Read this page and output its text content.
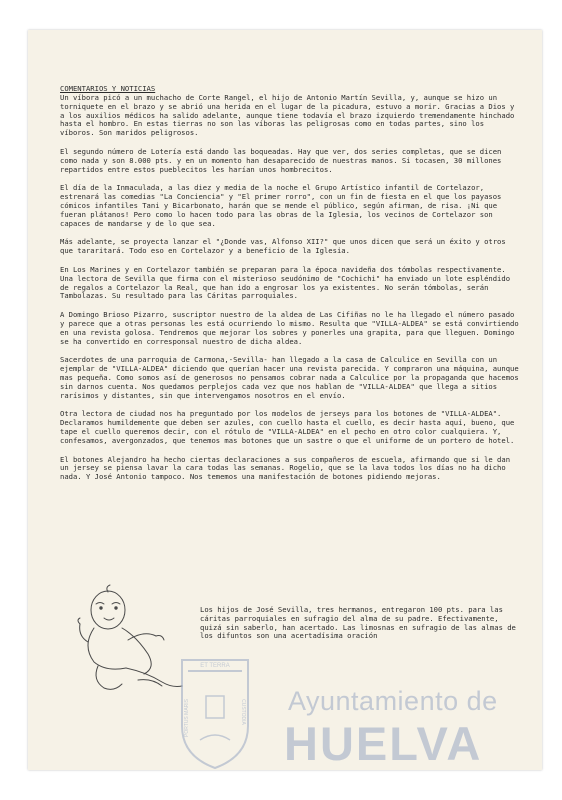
COMENTARIOS Y NOTICIAS

Un víbora picó a un muchacho de Corte Rangel, el hijo de Antonio Martín Sevilla, y, aunque se hizo un torniquete en el brazo y se abrió una herida en el lugar de la picadura, estuvo a morir. Gracias a Dios y a los auxilios médicos ha salido adelante, aunque tiene todavía el brazo izquierdo tremendamente hinchado hasta el hombro. En estas tierras no son las víboras las peligrosas como en todas partes, sino los víboros. Son maridos peligrosos.

El segundo número de Lotería está dando las boqueadas. Hay que ver, dos series completas, que se dicen como nada y son 8.000 pts. y en un momento han desaparecido de nuestras manos. Si tocasen, 30 millones repartidos entre estos pueblecitos les harían unos hombrecitos.

El día de la Inmaculada, a las diez y media de la noche el Grupo Artístico infantil de Cortelazor, estrenará las comedias "La Conciencia" y "El primer rorro", con un fin de fiesta en el que los payasos cómicos infantiles Tani y Bicarbonato, harán que se mende el público, según afirman, de risa. ¡Ni que fueran plátanos! Pero como lo hacen todo para las obras de la Iglesia, los vecinos de Cortelazor son capaces de mandarse y de lo que sea.

Más adelante, se proyecta lanzar el "¿Donde vas, Alfonso XII?" que unos dicen que será un éxito y otros que tararitará. Todo eso en Cortelazor y a beneficio de la Iglesia.

En Los Marines y en Cortelazor también se preparan para la época navideña dos tómbolas respectivamente. Una lectora de Sevilla que firma con el misterioso seudónimo de "Cochichi" ha enviado un lote espléndido de regalos a Cortelazor la Real, que han ido a engrosar los ya existentes. No serán tómbolas, serán Tambolazas. Su resultado para las Cáritas parroquiales.

A Domingo Brioso Pizarro, suscriptor nuestro de la aldea de Las Cifiñas no le ha llegado el número pasado y parece que a otras personas les está ocurriendo lo mismo. Resulta que "VILLA-ALDEA" se está convirtiendo en una revista golosa. Tendremos que mejorar los sobres y ponerles una grapita, para que lleguen. Domingo se ha convertido en corresponsal nuestro de dicha aldea.

Sacerdotes de una parroquia de Carmona,-Sevilla- han llegado a la casa de Calculice en Sevilla con un ejemplar de "VILLA-ALDEA" diciendo que querían hacer una revista parecida. Y compraron una máquina, aunque mas pequeña. Como somos así de generosos no pensamos cobrar nada a Calculice por la propaganda que hacemos sin darnos cuenta. Nos quedamos perplejos cada vez que nos hablan de "VILLA-ALDEA" que llega a sitios rarísimos y distantes, sin que intervengamos nosotros en el envío.

Otra lectora de ciudad nos ha preguntado por los modelos de jerseys para los botones de "VILLA-ALDEA". Declaramos humildemente que deben ser azules, con cuello hasta el cuello, es decir hasta aquí, bueno, que tape el cuello queremos decir, con el rótulo de "VILLA-ALDEA" en el pecho en otro color cualquiera. Y, confesamos, avergonzados, que tenemos mas botones que un sastre o que el uniforme de un portero de hotel.

El botones Alejandro ha hecho ciertas declaraciones a sus compañeros de escuela, afirmando que si le dan un jersey se piensa lavar la cara todas las semanas. Rogelio, que se la lava todos los días no ha dicho nada. Y José Antonio tampoco. Nos tememos una manifestación de botones pidiendo mejoras.

Los hijos de José Sevilla, tres hermanos, entregaron 100 pts. para las cáritas parroquiales en sufragio del alma de su padre. Efectivamente, quizá sin saberlo, han acertado. Las limosnas en sufragio de las almas de los difuntos son una acertadísima oración

ET TERRA
PORTUS MARIS	CUSTODIA Ayuntamiento de
HUELVA
